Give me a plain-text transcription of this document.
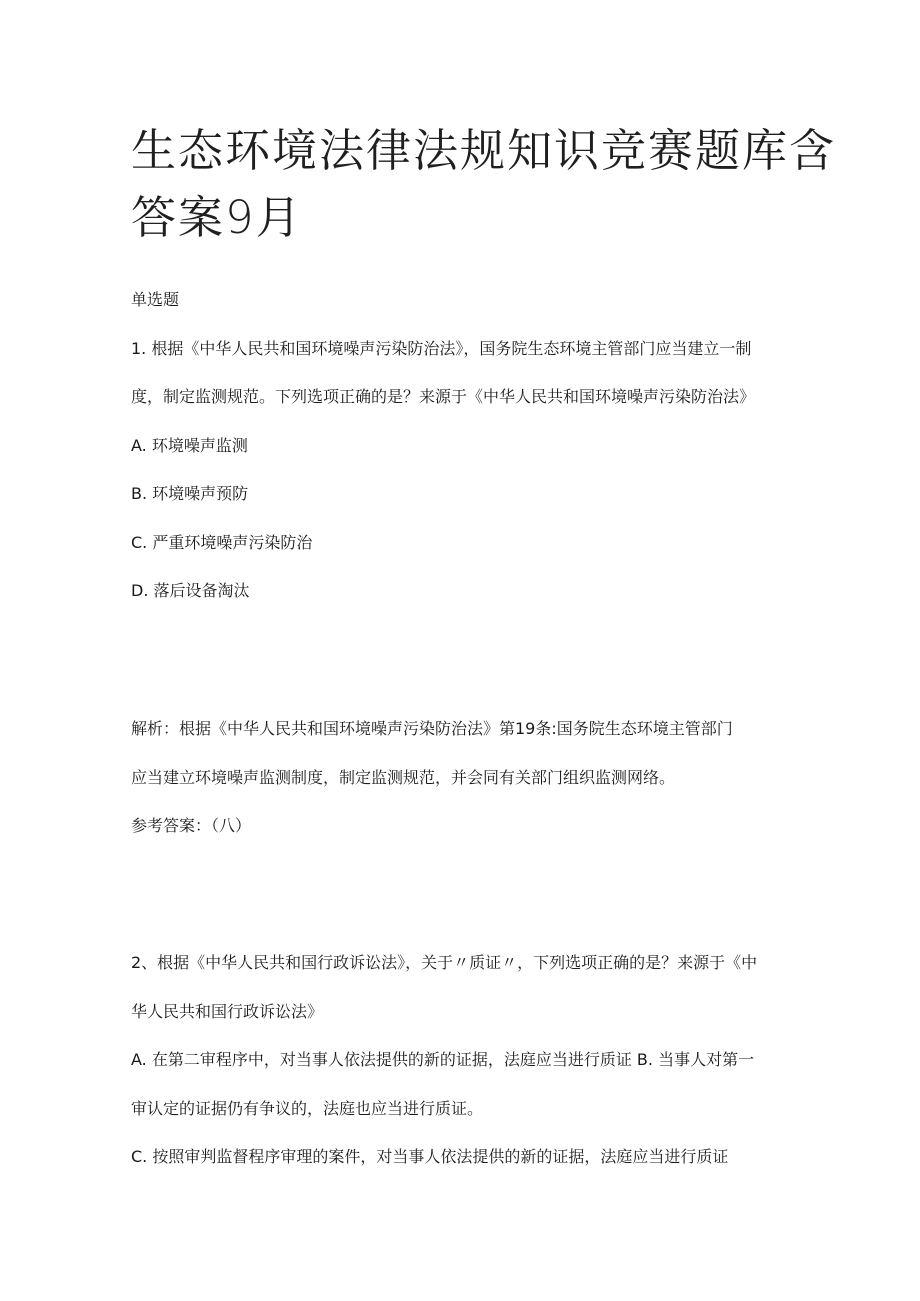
生态环境法律法规知识竞赛题库含
答案9月
单选题
1. 根据《中华人民共和国环境噪声污染防治法》，国务院生态环境主管部门应当建立一制
度，制定监测规范。下列选项正确的是？来源于《中华人民共和国环境噪声污染防治法》
A. 环境噪声监测
B. 环境噪声预防
C. 严重环境噪声污染防治
D. 落后设备淘汰
解析：根据《中华人民共和国环境噪声污染防治法》第19条:国务院生态环境主管部门
应当建立环境噪声监测制度，制定监测规范，并会同有关部门组织监测网络。
参考答案：（八）
2、根据《中华人民共和国行政诉讼法》，关于〃质证〃，下列选项正确的是？来源于《中
华人民共和国行政诉讼法》
A. 在第二审程序中，对当事人依法提供的新的证据，法庭应当进行质证 B. 当事人对第一
审认定的证据仍有争议的，法庭也应当进行质证。
C. 按照审判监督程序审理的案件，对当事人依法提供的新的证据，法庭应当进行质证
